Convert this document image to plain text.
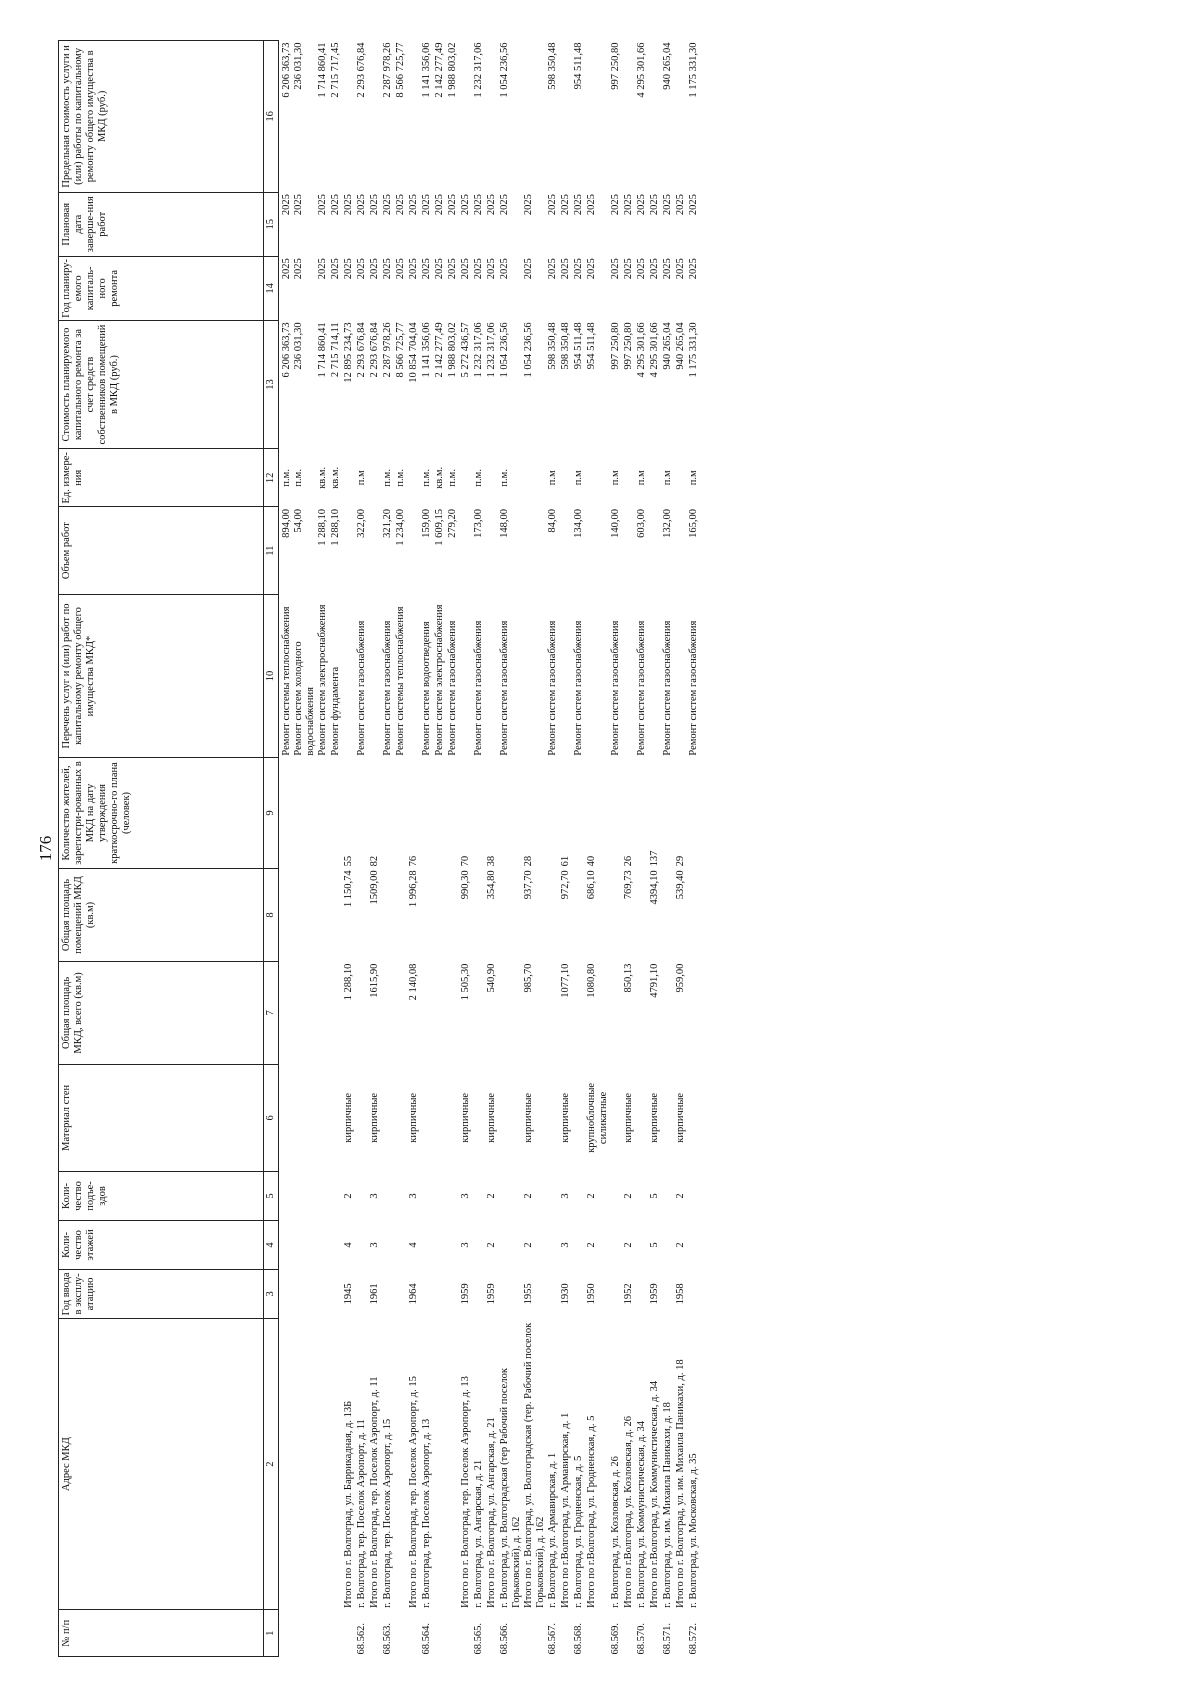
176
№ п/п	Адрес МКД	Год ввода в эксплу-атацию	Коли-чество этажей	Коли-чество подъе-здов	Материал стен	Общая площадь МКД, всего (кв.м)	Общая площадь помещений МКД (кв.м)	Количество жителей, зарегистри-рованных в МКД на дату утверждения краткосрочно-го плана (человек)	Перечень услуг и (или) работ по капитальному ремонту общего имущества МКД*	Объем работ	Ед. измере-ния	Стоимость планируемого капитального ремонта за счет средств собственников помещений в МКД (руб.)	Год планиру-емого капиталь-ного ремонта	Плановая дата заверше-ния работ	Предельная стоимость услуги и (или) работы по капитальному ремонту общего имущества в МКД (руб.)
1	2	3	4	5	6	7	8	9	10	11	12	13	14	15	16
									Ремонт системы теплоснабжения	894,00	п.м.	6 206 363,73	2025	2025	6 206 363,73
									Ремонт систем холодного водоснабжения	54,00	п.м.	236 031,30	2025	2025	236 031,30
									Ремонт систем электроснабжения	1 288,10	кв.м.	1 714 860,41	2025	2025	1 714 860,41
									Ремонт фундамента	1 288,10	кв.м.	2 715 714,11	2025	2025	2 715 717,45
	Итого по г. Волгоград, ул. Баррикадная, д. 13Б	1945	4	2	кирпичные	1 288,10	1 150,74	55				12 895 234,73	2025	2025	
68.562.	г. Волгоград, тер. Поселок Аэропорт, д. 11								Ремонт систем газоснабжения	322,00	п.м	2 293 676,84	2025	2025	2 293 676,84
	Итого по г. Волгоград, тер. Поселок Аэропорт, д. 11	1961	3	3	кирпичные	1615,90	1509,00	82				2 293 676,84	2025	2025	
68.563.	г. Волгоград, тер. Поселок Аэропорт, д. 15								Ремонт систем газоснабжения	321,20	п.м.	2 287 978,26	2025	2025	2 287 978,26
									Ремонт системы теплоснабжения	1 234,00	п.м.	8 566 725,77	2025	2025	8 566 725,77
	Итого по г. Волгоград, тер. Поселок Аэропорт, д. 15	1964	4	3	кирпичные	2 140,08	1 996,28	76				10 854 704,04	2025	2025	
68.564.	г. Волгоград, тер. Поселок Аэропорт, д. 13								Ремонт систем водоотведения	159,00	п.м.	1 141 356,06	2025	2025	1 141 356,06
									Ремонт систем электроснабжения	1 609,15	кв.м.	2 142 277,49	2025	2025	2 142 277,49
									Ремонт систем газоснабжения	279,20	п.м.	1 988 803,02	2025	2025	1 988 803,02
	Итого по г. Волгоград, тер. Поселок Аэропорт, д. 13	1959	3	3	кирпичные	1 505,30	990,30	70				5 272 436,57	2025	2025	
68.565.	г. Волгоград, ул. Ангарская, д. 21								Ремонт систем газоснабжения	173,00	п.м.	1 232 317,06	2025	2025	1 232 317,06
	Итого по г. Волгоград, ул. Ангарская, д. 21	1959	2	2	кирпичные	540,90	354,80	38				1 232 317,06	2025	2025	
68.566.	г. Волгоград, ул. Волгоградская (тер Рабочий поселок Горьковский), д. 162								Ремонт систем газоснабжения	148,00	п.м.	1 054 236,56	2025	2025	1 054 236,56
	Итого по г. Волгоград, ул. Волгоградская (тер. Рабочий поселок Горьковский), д. 162	1955	2	2	кирпичные	985,70	937,70	28				1 054 236,56	2025	2025	
68.567.	г. Волгоград, ул. Армавирская, д. 1								Ремонт систем газоснабжения	84,00	п.м	598 350,48	2025	2025	598 350,48
	Итого по г.Волгоград, ул. Армавирская, д. 1	1930	3	3	кирпичные	1077,10	972,70	61				598 350,48	2025	2025	
68.568.	г. Волгоград, ул. Гродненская, д. 5								Ремонт систем газоснабжения	134,00	п.м	954 511,48	2025	2025	954 511,48
	Итого по г.Волгоград, ул. Гродненская, д. 5	1950	2	2	крупноблочные силикатные	1080,80	686,10	40				954 511,48	2025	2025	
68.569.	г. Волгоград, ул. Козловская, д. 26								Ремонт систем газоснабжения	140,00	п.м	997 250,80	2025	2025	997 250,80
	Итого по г.Волгоград, ул. Козловская, д. 26	1952	2	2	кирпичные	850,13	769,73	26				997 250,80	2025	2025	
68.570.	г. Волгоград, ул. Коммунистическая, д. 34								Ремонт систем газоснабжения	603,00	п.м	4 295 301,66	2025	2025	4 295 301,66
	Итого по г.Волгоград, ул. Коммунистическая, д. 34	1959	5	5	кирпичные	4791,10	4394,10	137				4 295 301,66	2025	2025	
68.571.	г. Волгоград, ул. им. Михаила Паникахи, д. 18								Ремонт систем газоснабжения	132,00	п.м	940 265,04	2025	2025	940 265,04
	Итого по г. Волгоград, ул. им. Михаила Паникахи, д. 18	1958	2	2	кирпичные	959,00	539,40	29				940 265,04	2025	2025	
68.572.	г. Волгоград, ул. Московская, д. 35								Ремонт систем газоснабжения	165,00	п.м	1 175 331,30	2025	2025	1 175 331,30
